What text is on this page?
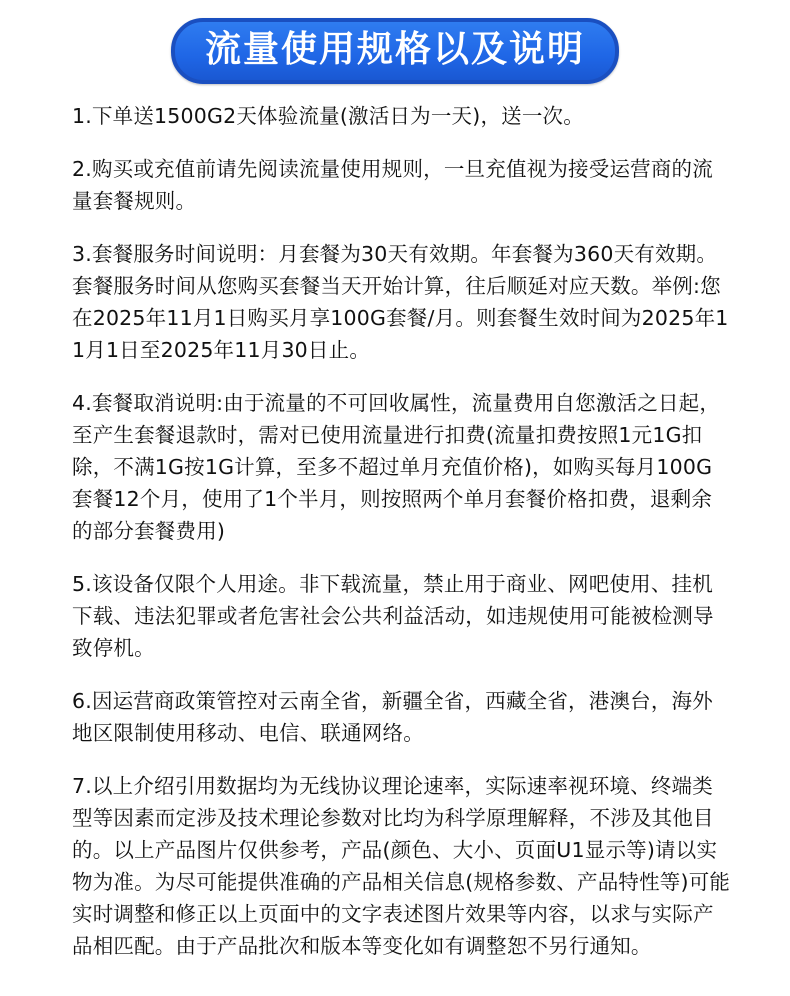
流量使用规格以及说明

1.下单送1500G2天体验流量(激活日为一天)，送一次。

2.购买或充值前请先阅读流量使用规则，一旦充值视为接受运营商的流量套餐规则。

3.套餐服务时间说明：月套餐为30天有效期。年套餐为360天有效期。套餐服务时间从您购买套餐当天开始计算，往后顺延对应天数。举例:您在2025年11月1日购买月享100G套餐/月。则套餐生效时间为2025年11月1日至2025年11月30日止。

4.套餐取消说明:由于流量的不可回收属性，流量费用自您激活之日起，至产生套餐退款时，需对已使用流量进行扣费(流量扣费按照1元1G扣除，不满1G按1G计算，至多不超过单月充值价格)，如购买每月100G套餐12个月，使用了1个半月，则按照两个单月套餐价格扣费，退剩余的部分套餐费用)

5.该设备仅限个人用途。非下载流量，禁止用于商业、网吧使用、挂机下载、违法犯罪或者危害社会公共利益活动，如违规使用可能被检测导致停机。

6.因运营商政策管控对云南全省，新疆全省，西藏全省，港澳台，海外地区限制使用移动、电信、联通网络。

7.以上介绍引用数据均为无线协议理论速率，实际速率视环境、终端类型等因素而定涉及技术理论参数对比均为科学原理解释，不涉及其他目的。以上产品图片仅供参考，产品(颜色、大小、页面U1显示等)请以实物为准。为尽可能提供准确的产品相关信息(规格参数、产品特性等)可能实时调整和修正以上页面中的文字表述图片效果等内容，以求与实际产品相匹配。由于产品批次和版本等变化如有调整恕不另行通知。
